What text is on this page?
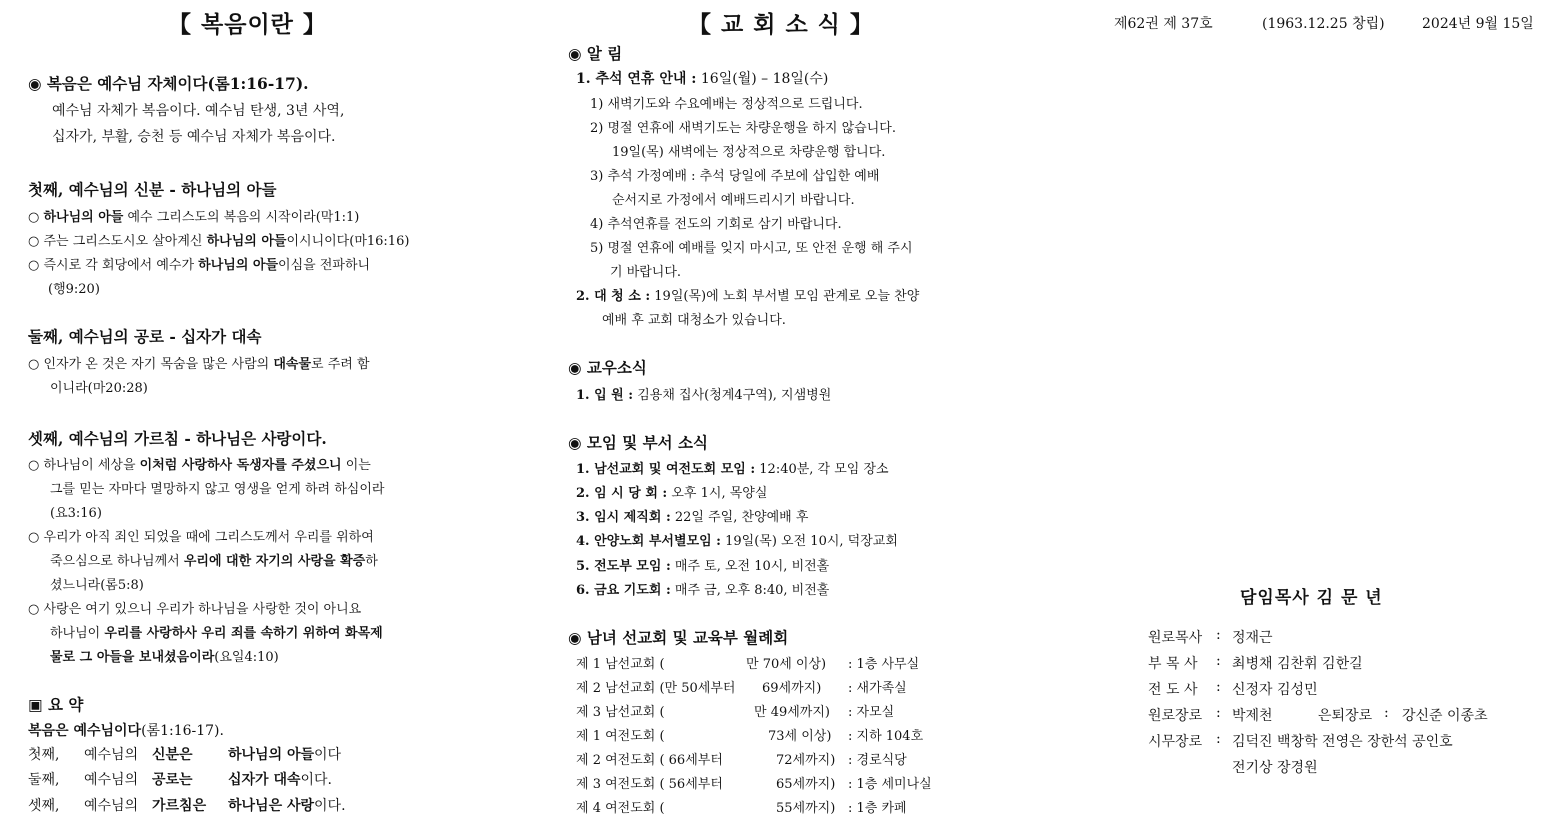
【 복음이란 】	【 교 회 소 식 】	제62권 제 37호	(1963.12.25 창립)	2024년 9월 15일
◉ 복음은 예수님 자체이다(롬1:16-17).
예수님 자체가 복음이다. 예수님 탄생, 3년 사역,
십자가, 부활, 승천 등 예수님 자체가 복음이다.
첫째, 예수님의 신분 - 하나님의 아들
○ 하나님의 아들 예수 그리스도의 복음의 시작이라(막1:1)
○ 주는 그리스도시오 살아계신 하나님의 아들이시니이다(마16:16)
○ 즉시로 각 회당에서 예수가 하나님의 아들이심을 전파하니
(행9:20)
둘째, 예수님의 공로 - 십자가 대속
○ 인자가 온 것은 자기 목숨을 많은 사람의 대속물로 주려 함
이니라(마20:28)
셋째, 예수님의 가르침 - 하나님은 사랑이다.
○ 하나님이 세상을 이처럼 사랑하사 독생자를 주셨으니 이는
그를 믿는 자마다 멸망하지 않고 영생을 얻게 하려 하심이라
(요3:16)
○ 우리가 아직 죄인 되었을 때에 그리스도께서 우리를 위하여
죽으심으로 하나님께서 우리에 대한 자기의 사랑을 확증하
셨느니라(롬5:8)
○ 사랑은 여기 있으니 우리가 하나님을 사랑한 것이 아니요
하나님이 우리를 사랑하사 우리 죄를 속하기 위하여 화목제
물로 그 아들을 보내셨음이라(요일4:10)
▣ 요 약
복음은 예수님이다(롬1:16-17).
첫째, 예수님의 신분은	하나님의 아들이다
둘째, 예수님의 공로는	십자가 대속이다.
셋째, 예수님의 가르침은 하나님은 사랑이다.
◉ 알 림
1. 추석 연휴 안내 : 16일(월) – 18일(수)
1) 새벽기도와 수요예배는 정상적으로 드립니다.
2) 명절 연휴에 새벽기도는 차량운행을 하지 않습니다.
19일(목) 새벽에는 정상적으로 차량운행 합니다.
3) 추석 가정예배 : 추석 당일에 주보에 삽입한 예배
순서지로 가정에서 예배드리시기 바랍니다.
4) 추석연휴를 전도의 기회로 삼기 바랍니다.
5) 명절 연휴에 예배를 잊지 마시고, 또 안전 운행 해 주시
기 바랍니다.
2. 대 청 소 : 19일(목)에 노회 부서별 모임 관계로 오늘 찬양
예배 후 교회 대청소가 있습니다.
◉ 교우소식
1. 입 원 : 김용채 집사(청계4구역), 지샘병원
◉ 모임 및 부서 소식
1. 남선교회 및 여전도회 모임 : 12:40분, 각 모임 장소
2. 임 시 당 회 : 오후 1시, 목양실
3. 임시 제직회 : 22일 주일, 찬양예배 후
4. 안양노회 부서별모임 : 19일(목) 오전 10시, 덕장교회
5. 전도부 모임 : 매주 토, 오전 10시, 비전홀
6. 금요 기도회 : 매주 금, 오후 8:40, 비전홀
◉ 남녀 선교회 및 교육부 월례회
제 1 남선교회 (	만 70세 이상) : 1층 사무실
제 2 남선교회 (만 50세부터 69세까지) : 새가족실
제 3 남선교회 (	만 49세까지) : 자모실
제 1 여전도회 (	73세 이상) : 지하 104호
제 2 여전도회 ( 66세부터	72세까지) : 경로식당
제 3 여전도회 ( 56세부터	65세까지) : 1층 세미나실
제 4 여전도회 (	55세까지) : 1층 카페
담임목사 김 문 년
원로목사 : 정재근
부 목 사 : 최병채 김찬휘 김한길
전 도 사 : 신정자 김성민
원로장로 : 박제천	은퇴장로 : 강신준 이종초
시무장로 : 김덕진 백창학 전영은 장한석 공인호
전기상 장경원
